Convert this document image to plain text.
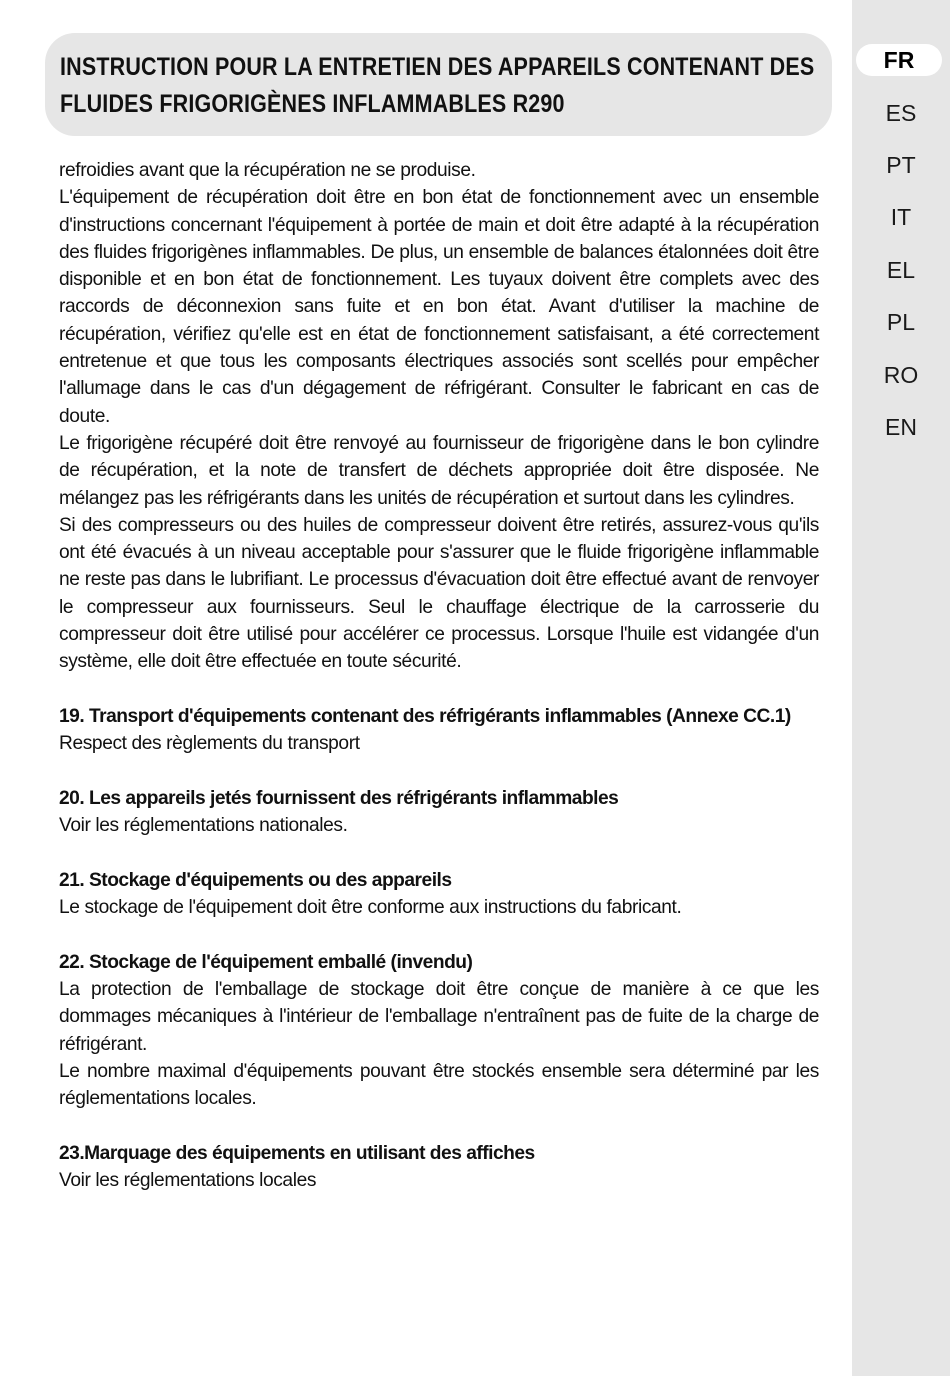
FR
ES
PT
IT
EL
PL
RO
EN
INSTRUCTION POUR LA ENTRETIEN DES APPAREILS CONTENANT DES
FLUIDES FRIGORIGÈNES INFLAMMABLES R290

refroidies avant que la récupération ne se produise.

L'équipement de récupération doit être en bon état de fonctionnement avec un ensemble d'instructions concernant l'équipement à portée de main et doit être adapté à la récupération des fluides frigorigènes inflammables. De plus, un ensemble de balances étalonnées doit être disponible et en bon état de fonctionnement. Les tuyaux doivent être complets avec des raccords de déconnexion sans fuite et en bon état. Avant d'utiliser la machine de récupération, vérifiez qu'elle est en état de fonctionnement satisfaisant, a été correctement entretenue et que tous les composants électriques associés sont scellés pour empêcher l'allumage dans le cas d'un dégagement de réfrigérant. Consulter le fabricant en cas de doute.

Le frigorigène récupéré doit être renvoyé au fournisseur de frigorigène dans le bon cylindre de récupération, et la note de transfert de déchets appropriée doit être disposée. Ne mélangez pas les réfrigérants dans les unités de récupération et surtout dans les cylindres.

Si des compresseurs ou des huiles de compresseur doivent être retirés, assurez-vous qu'ils ont été évacués à un niveau acceptable pour s'assurer que le fluide frigorigène inflammable ne reste pas dans le lubrifiant. Le processus d'évacuation doit être effectué avant de renvoyer le compresseur aux fournisseurs. Seul le chauffage électrique de la carrosserie du compresseur doit être utilisé pour accélérer ce processus. Lorsque l'huile est vidangée d'un système, elle doit être effectuée en toute sécurité.

19. Transport d'équipements contenant des réfrigérants inflammables (Annexe CC.1)

Respect des règlements du transport

20. Les appareils jetés fournissent des réfrigérants inflammables

Voir les réglementations nationales.

21. Stockage d'équipements ou des appareils

Le stockage de l'équipement doit être conforme aux instructions du fabricant.

22. Stockage de l'équipement emballé (invendu)

La protection de l'emballage de stockage doit être conçue de manière à ce que les dommages mécaniques à l'intérieur de l'emballage n'entraînent pas de fuite de la charge de réfrigérant.

Le nombre maximal d'équipements pouvant être stockés ensemble sera déterminé par les réglementations locales.

23.Marquage des équipements en utilisant des affiches

Voir les réglementations locales
